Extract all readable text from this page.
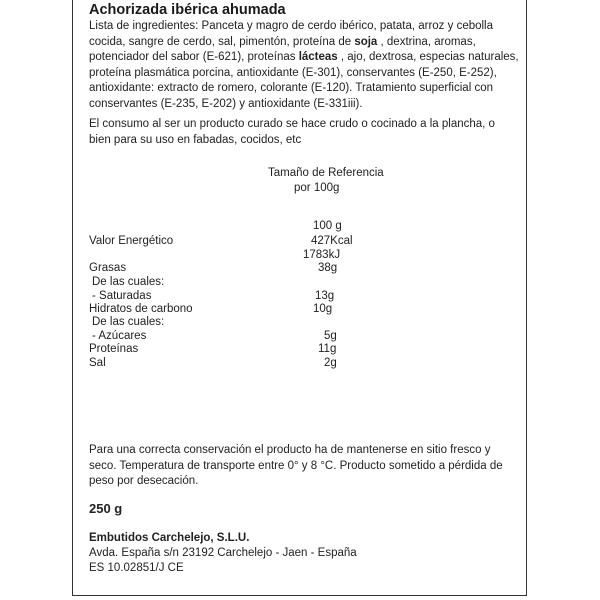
Achorizada ibérica ahumada
Lista de ingredientes: Panceta y magro de cerdo ibérico, patata, arroz y cebolla cocida, sangre de cerdo, sal, pimentón, proteína de soja , dextrina, aromas, potenciador del sabor (E-621), proteínas lácteas , ajo, dextrosa, especias naturales, proteína plasmática porcina, antioxidante (E-301), conservantes (E-250, E-252), antioxidante: extracto de romero, colorante (E-120). Tratamiento superficial con conservantes (E-235, E-202) y antioxidante (E-331iii).
El consumo al ser un producto curado se hace crudo o cocinado a la plancha, o bien para su uso en fabadas, cocidos, etc
Tamaño de Referencia
por 100g
100 g
Valor Energético	427Kcal
1783kJ
Grasas	38g
De las cuales:
- Saturadas	13g
Hidratos de carbono	10g
De las cuales:
- Azúcares	5g
Proteínas	11g
Sal	2g
Para una correcta conservación el producto ha de mantenerse en sitio fresco y seco. Temperatura de transporte entre 0° y 8 °C. Producto sometido a pérdida de peso por desecación.
250 g
Embutidos Carchelejo, S.L.U.
Avda. España s/n 23192 Carchelejo - Jaen - España
ES 10.02851/J CE
